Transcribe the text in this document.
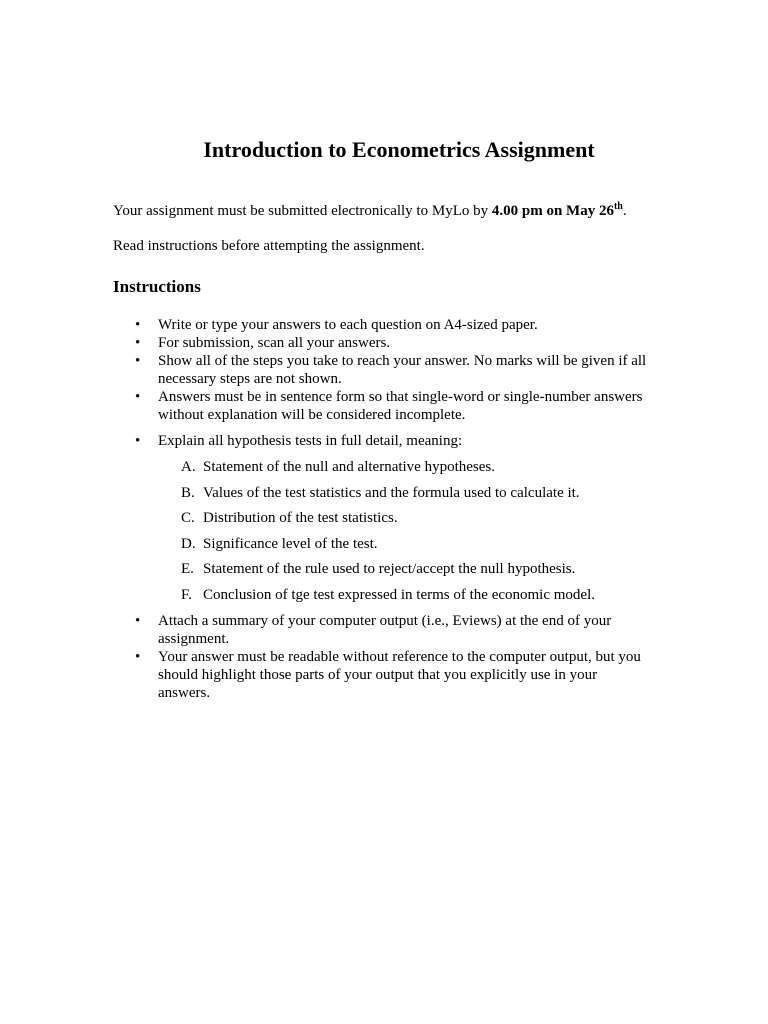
Introduction to Econometrics Assignment

Your assignment must be submitted electronically to MyLo by 4.00 pm on May 26th.

Read instructions before attempting the assignment.

Instructions
• Write or type your answers to each question on A4-sized paper.
• For submission, scan all your answers.
• Show all of the steps you take to reach your answer. No marks will be given if all necessary steps are not shown.
• Answers must be in sentence form so that single-word or single-number answers without explanation will be considered incomplete.
• Explain all hypothesis tests in full detail, meaning:
A. Statement of the null and alternative hypotheses.
B. Values of the test statistics and the formula used to calculate it.
C. Distribution of the test statistics.
D. Significance level of the test.
E. Statement of the rule used to reject/accept the null hypothesis.
F. Conclusion of tge test expressed in terms of the economic model.
• Attach a summary of your computer output (i.e., Eviews) at the end of your assignment.
• Your answer must be readable without reference to the computer output, but you should highlight those parts of your output that you explicitly use in your answers.
